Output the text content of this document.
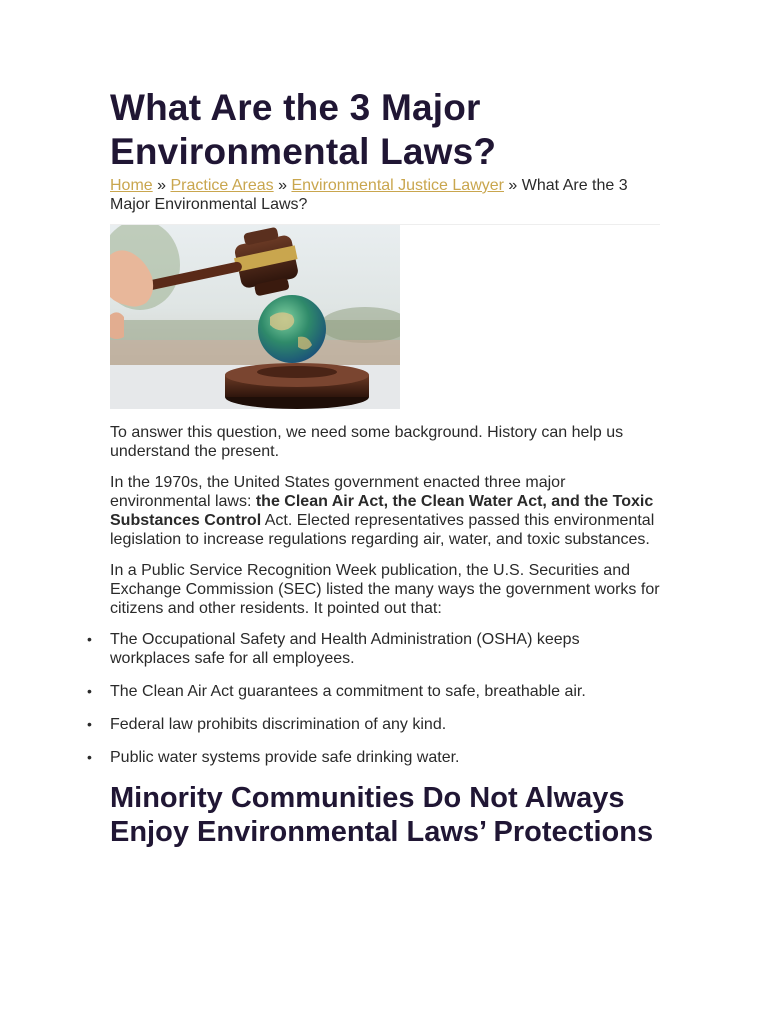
What Are the 3 Major Environmental Laws?
Home » Practice Areas » Environmental Justice Lawyer » What Are the 3 Major Environmental Laws?

To answer this question, we need some background. History can help us understand the present.

In the 1970s, the United States government enacted three major environmental laws: the Clean Air Act, the Clean Water Act, and the Toxic Substances Control Act. Elected representatives passed this environmental legislation to increase regulations regarding air, water, and toxic substances.

In a Public Service Recognition Week publication, the U.S. Securities and Exchange Commission (SEC) listed the many ways the government works for citizens and other residents. It pointed out that:

• The Occupational Safety and Health Administration (OSHA) keeps workplaces safe for all employees.
• The Clean Air Act guarantees a commitment to safe, breathable air.
• Federal law prohibits discrimination of any kind.
• Public water systems provide safe drinking water.
Minority Communities Do Not Always Enjoy Environmental Laws’ Protections
